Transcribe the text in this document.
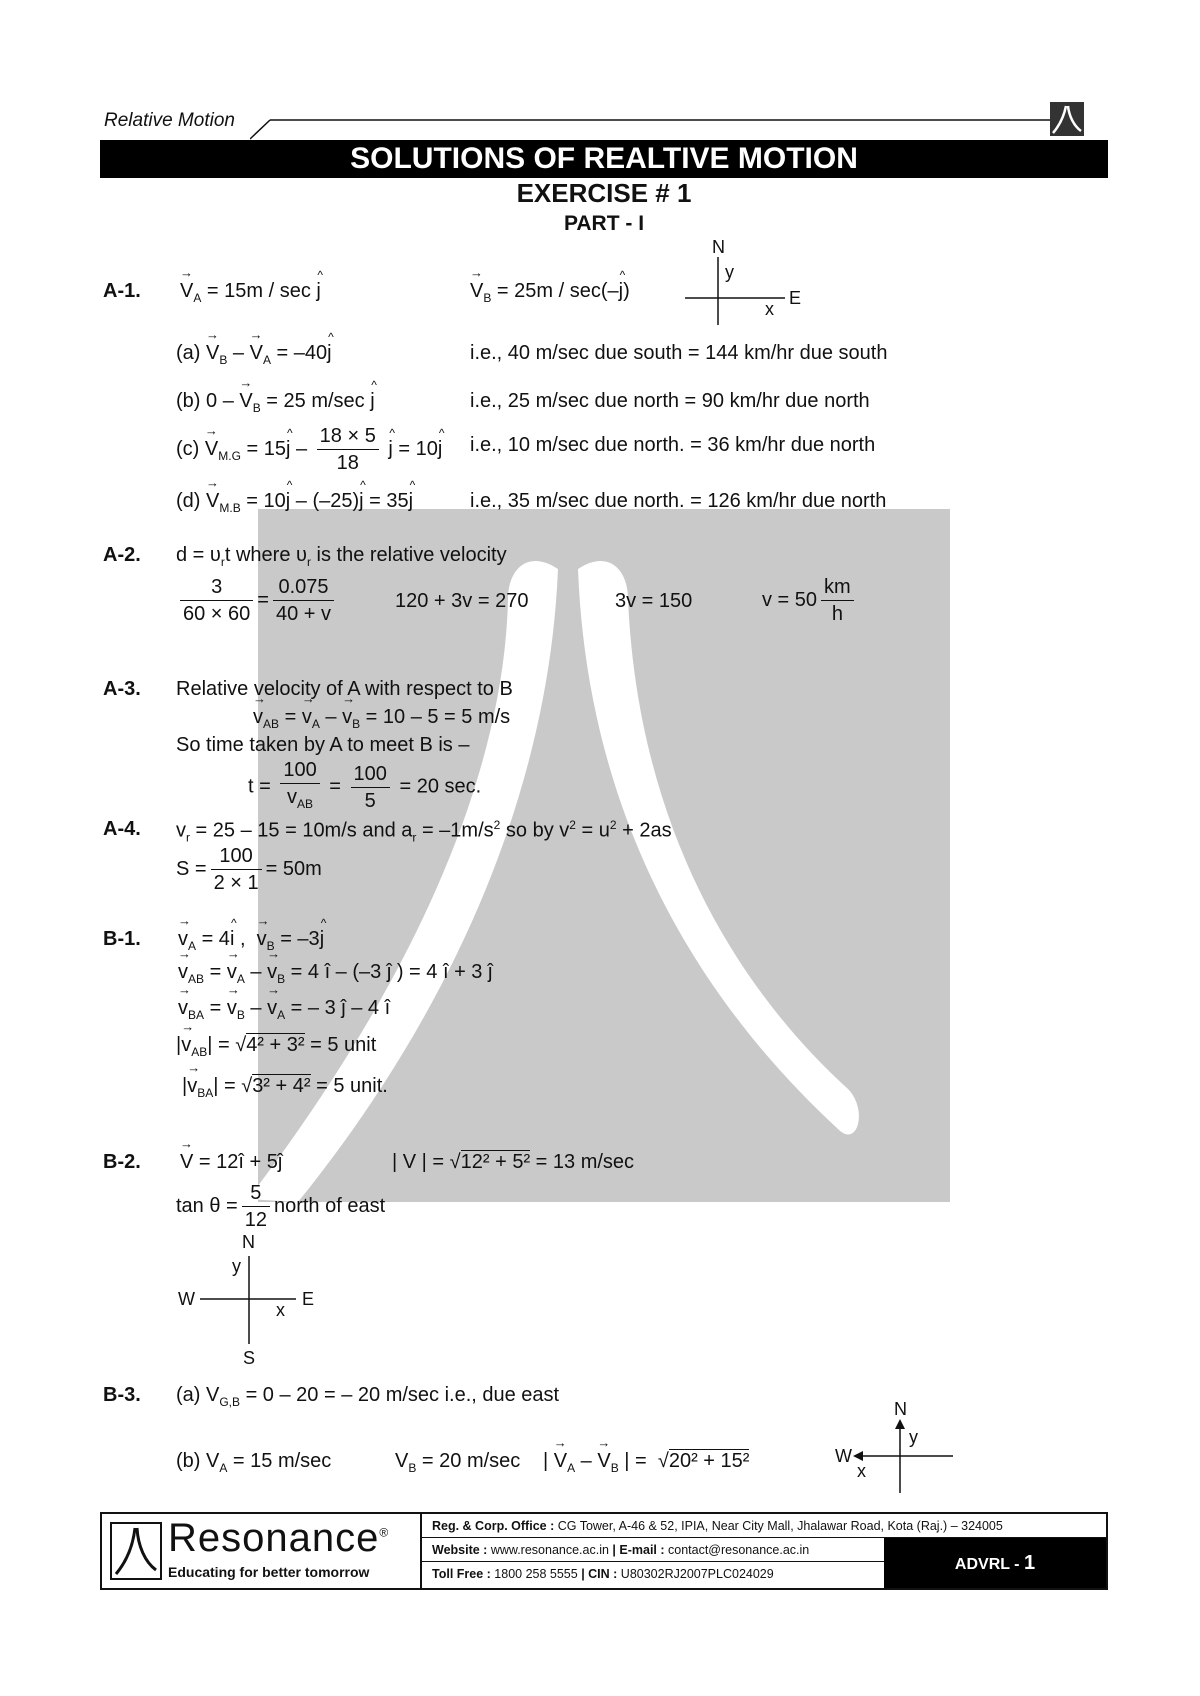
Relative Motion
SOLUTIONS OF REALTIVE MOTION
EXERCISE # 1
PART - I
N
y
x
E
A-1. → $V_A = 15m / \sec$ ^ j	→ $V_B = 25m$ / sec(–^ j)
$(a) \to V_B$ – → $V_A$ = –40^ j	i.e., 40 m/sec due south = 144 km/hr due south
(b) 0 – → $V_B = 25$ m/sec ^ j	i.e., 25 m/sec due north = 90 km/hr due north
$(c) \to V_{M.G}$ = 15^ j – $\frac{18 \times 5}{18}$ ^ j = 10^ j i.e., 10 m/sec due north. = 36 km/hr due north
$(d) \to V_{M.B}$ = 10^ j – (–25)^ j = 35^ j	i.e., 35 m/sec due north. = 126 km/hr due north
A-2. $d = \upsilon_rt$ where $\upsilon_r$ is the relative velocity
$\frac{3}{60 \times 60} = \frac{0.075}{40 + v}$	120 + 3v = 270	3v = 150	$v = 50 \frac{km}{h}$
A-3. Relative velocity of A with respect to B
→ $v_{AB}$ = → $v_A$ – → $v_B = 10 - 5 = 5$ m/s
So time taken by A to meet B is –
$t = \frac{100}{v_{AB}} = \frac{100}{5} = 20$ sec.
A-4. $v_r = 25 - 15 = 10m/s$ and $a_r = -1m/s^2$ so by $v^2 = u^2 + 2as$
$S = \frac{100}{2 \times 1} = 50m$
B-1. → $v_A$ = 4^ i ,  → $v_B$ = –3^ j
→ $v_{AB}$ = → $v_A$ – → $v_B = 4$ î – (–3 ĵ ) = 4 î + 3 ĵ
→ $v_{BA}$ = → $v_B$ – → $v_A$ = – 3 ĵ – 4 î
|→ $v_{AB}| = √4^2 + 3^2 = 5$ unit
|→ $v_{BA}| = √3^2 + 4^2 = 5$ unit.
B-2. → V = 12î + 5ĵ	| V | = √12² + 5² = 13 m/sec
$\tan \theta = \frac{5}{12}$ north of east
N
y
W
x
E
S
B-3. (a) $V_{G,B} = 0 - 20$ = – 20 m/sec i.e., due east
(b) $V_A = 15$ m/sec	$V_B = 20$ m/sec | → $V_A$ – → $V_B$ | =  √20² + 15²
N
y
W
x
Resonance®
Educating for better tomorrow
Reg. & Corp. Office : CG Tower, A-46 & 52, IPIA, Near City Mall, Jhalawar Road, Kota (Raj.) – 324005
Website : www.resonance.ac.in | E-mail : contact@resonance.ac.in
Toll Free : 1800 258 5555 | CIN : U80302RJ2007PLC024029
ADVRL - 1
